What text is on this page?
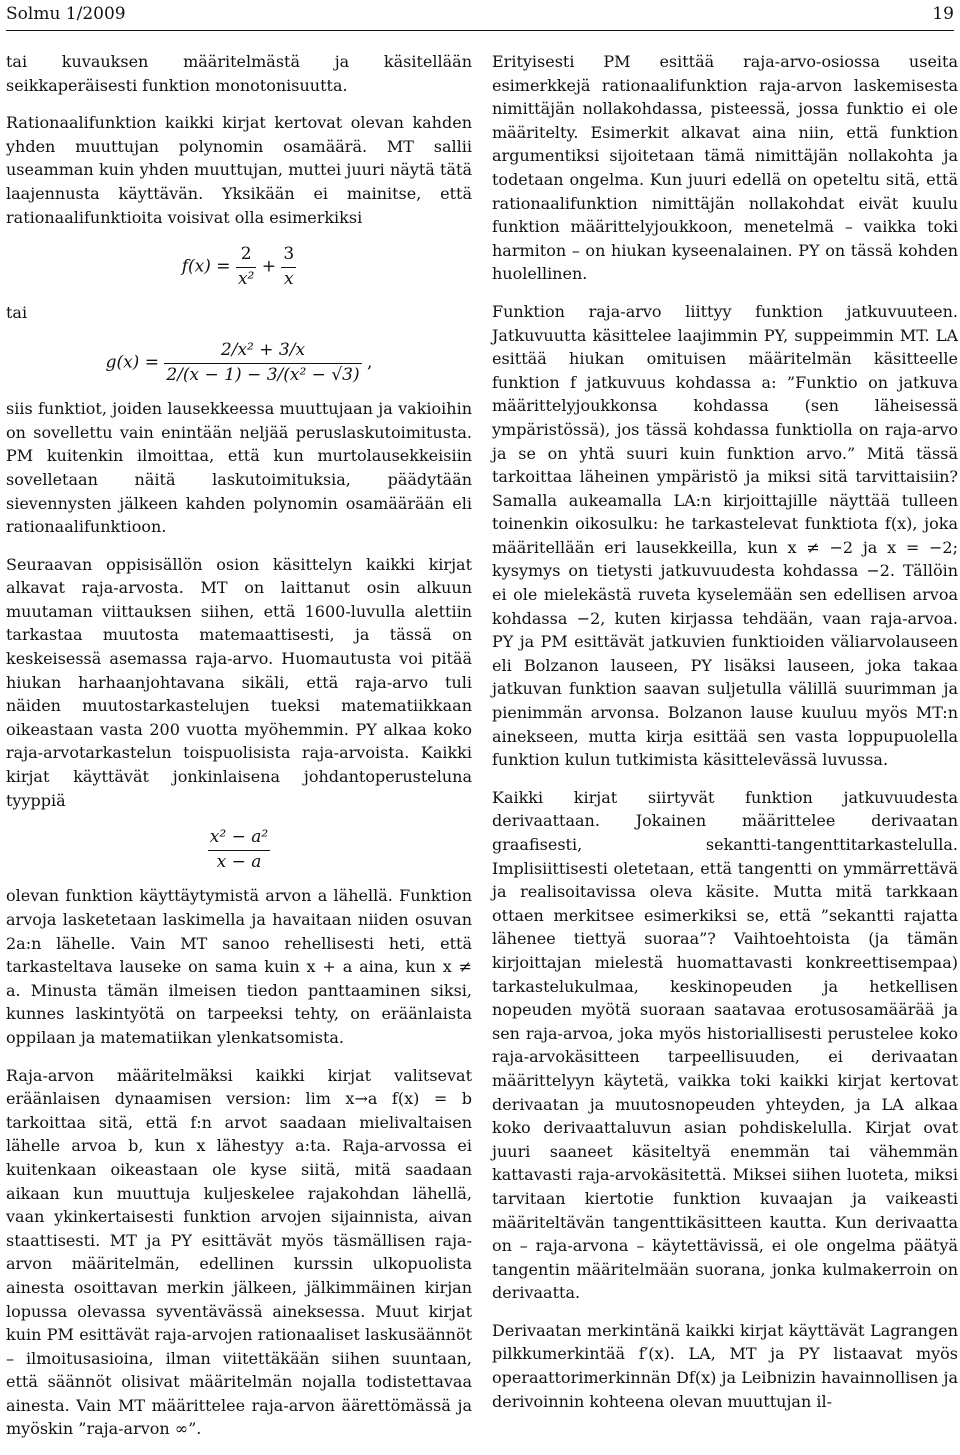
Solmu 1/2009	19

tai kuvauksen määritelmästä ja käsitellään seikkaperäisesti funktion monotonisuutta.

Rationaalifunktion kaikki kirjat kertovat olevan kahden yhden muuttujan polynomin osamäärä. MT sallii useamman kuin yhden muuttujan, muttei juuri näytä tätä laajennusta käyttävän. Yksikään ei mainitse, että rationaalifunktioita voisivat olla esimerkiksi

$f(x) = \frac{2}{\text{x²}} + \frac{3}{x}$

tai

$g(x) = \frac{\text{2/x² + 3/x}}{\text{2/(x − 1) − 3/(x² − √3)}}$ ,

siis funktiot, joiden lausekkeessa muuttujaan ja vakioihin on sovellettu vain enintään neljää peruslaskutoimitusta. PM kuitenkin ilmoittaa, että kun murtolausekkeisiin sovelletaan näitä laskutoimituksia, päädytään sievennysten jälkeen kahden polynomin osamäärään eli rationaalifunktioon.

Seuraavan oppisisällön osion käsittelyn kaikki kirjat alkavat raja-arvosta. MT on laittanut osin alkuun muutaman viittauksen siihen, että 1600-luvulla alettiin tarkastaa muutosta matemaattisesti, ja tässä on keskeisessä asemassa raja-arvo. Huomautusta voi pitää hiukan harhaanjohtavana sikäli, että raja-arvo tuli näiden muutostarkastelujen tueksi matematiikkaan oikeastaan vasta 200 vuotta myöhemmin. PY alkaa koko raja-arvotarkastelun toispuolisista raja-arvoista. Kaikki kirjat käyttävät jonkinlaisena johdantoperusteluna tyyppiä

$\frac{\text{x² − a²}}{x - a}$

olevan funktion käyttäytymistä arvon a lähellä. Funktion arvoja lasketetaan laskimella ja havaitaan niiden osuvan 2a:n lähelle. Vain MT sanoo rehellisesti heti, että tarkasteltava lauseke on sama kuin x + a aina, kun x ≠ a. Minusta tämän ilmeisen tiedon panttaaminen siksi, kunnes laskintyötä on tarpeeksi tehty, on eräänlaista oppilaan ja matematiikan ylenkatsomista.

Raja-arvon määritelmäksi kaikki kirjat valitsevat eräänlaisen dynaamisen version: lim x→a f(x) = b tarkoittaa sitä, että f:n arvot saadaan mielivaltaisen lähelle arvoa b, kun x lähestyy a:ta. Raja-arvossa ei kuitenkaan oikeastaan ole kyse siitä, mitä saadaan aikaan kun muuttuja kuljeskelee rajakohdan lähellä, vaan ykinkertaisesti funktion arvojen sijainnista, aivan staattisesti. MT ja PY esittävät myös täsmällisen raja-arvon määritelmän, edellinen kurssin ulkopuolista ainesta osoittavan merkin jälkeen, jälkimmäinen kirjan lopussa olevassa syventävässä aineksessa. Muut kirjat kuin PM esittävät raja-arvojen rationaaliset laskusäännöt – ilmoitusasioina, ilman viitettäkään siihen suuntaan, että säännöt olisivat määritelmän nojalla todistettavaa ainesta. Vain MT määrittelee raja-arvon äärettömässä ja myöskin ”raja-arvon ∞”.

Erityisesti PM esittää raja-arvo-osiossa useita esimerkkejä rationaalifunktion raja-arvon laskemisesta nimittäjän nollakohdassa, pisteessä, jossa funktio ei ole määritelty. Esimerkit alkavat aina niin, että funktion argumentiksi sijoitetaan tämä nimittäjän nollakohta ja todetaan ongelma. Kun juuri edellä on opeteltu sitä, että rationaalifunktion nimittäjän nollakohdat eivät kuulu funktion määrittelyjoukkoon, menetelmä – vaikka toki harmiton – on hiukan kyseenalainen. PY on tässä kohden huolellinen.

Funktion raja-arvo liittyy funktion jatkuvuuteen. Jatkuvuutta käsittelee laajimmin PY, suppeimmin MT. LA esittää hiukan omituisen määritelmän käsitteelle funktion f jatkuvuus kohdassa a: ”Funktio on jatkuva määrittelyjoukkonsa kohdassa (sen läheisessä ympäristössä), jos tässä kohdassa funktiolla on raja-arvo ja se on yhtä suuri kuin funktion arvo.” Mitä tässä tarkoittaa läheinen ympäristö ja miksi sitä tarvittaisiin? Samalla aukeamalla LA:n kirjoittajille näyttää tulleen toinenkin oikosulku: he tarkastelevat funktiota f(x), joka määritellään eri lausekkeilla, kun x ≠ −2 ja x = −2; kysymys on tietysti jatkuvuudesta kohdassa −2. Tällöin ei ole mielekästä ruveta kyselemään sen edellisen arvoa kohdassa −2, kuten kirjassa tehdään, vaan raja-arvoa. PY ja PM esittävät jatkuvien funktioiden väliarvolauseen eli Bolzanon lauseen, PY lisäksi lauseen, joka takaa jatkuvan funktion saavan suljetulla välillä suurimman ja pienimmän arvonsa. Bolzanon lause kuuluu myös MT:n ainekseen, mutta kirja esittää sen vasta loppupuolella funktion kulun tutkimista käsittelevässä luvussa.

Kaikki kirjat siirtyvät funktion jatkuvuudesta derivaattaan. Jokainen määrittelee derivaatan graafisesti, sekantti-tangenttitarkastelulla. Implisiittisesti oletetaan, että tangentti on ymmärrettävä ja realisoitavissa oleva käsite. Mutta mitä tarkkaan ottaen merkitsee esimerkiksi se, että ”sekantti rajatta lähenee tiettyä suoraa”? Vaihtoehtoista (ja tämän kirjoittajan mielestä huomattavasti konkreettisempaa) tarkastelukulmaa, keskinopeuden ja hetkellisen nopeuden myötä suoraan saatavaa erotusosamäärää ja sen raja-arvoa, joka myös historiallisesti perustelee koko raja-arvokäsitteen tarpeellisuuden, ei derivaatan määrittelyyn käytetä, vaikka toki kaikki kirjat kertovat derivaatan ja muutosnopeuden yhteyden, ja LA alkaa koko derivaattaluvun asian pohdiskelulla. Kirjat ovat juuri saaneet käsiteltyä enemmän tai vähemmän kattavasti raja-arvokäsitettä. Miksei siihen luoteta, miksi tarvitaan kiertotie funktion kuvaajan ja vaikeasti määriteltävän tangenttikäsitteen kautta. Kun derivaatta on – raja-arvona – käytettävissä, ei ole ongelma päätyä tangentin määritelmään suorana, jonka kulmakerroin on derivaatta.

Derivaatan merkintänä kaikki kirjat käyttävät Lagrangen pilkkumerkintää f′(x). LA, MT ja PY listaavat myös operaattorimerkinnän Df(x) ja Leibnizin havainnollisen ja derivoinnin kohteena olevan muuttujan il-
